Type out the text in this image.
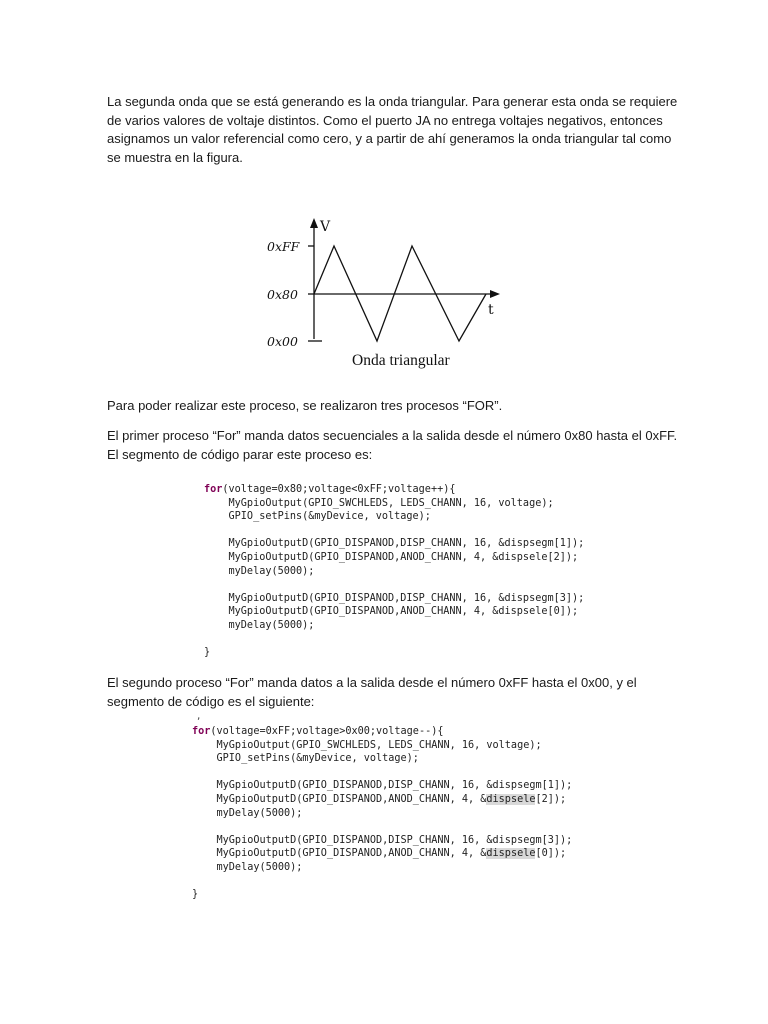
La segunda onda que se está generando es la onda triangular. Para generar esta onda se requiere
de varios valores de voltaje distintos. Como el puerto JA no entrega voltajes negativos, entonces
asignamos un valor referencial como cero, y a partir de ahí generamos la onda triangular tal como
se muestra en la figura.
V
t
0xFF
0x80
0x00
Onda triangular
Para poder realizar este proceso, se realizaron tres procesos “FOR”.
El primer proceso “For” manda datos secuenciales a la salida desde el número 0x80 hasta el 0xFF.
El segmento de código parar este proceso es:
for(voltage=0x80;voltage<0xFF;voltage++){
MyGpioOutput(GPIO_SWCHLEDS, LEDS_CHANN, 16, voltage);
GPIO_setPins(&myDevice, voltage);
MyGpioOutputD(GPIO_DISPANOD,DISP_CHANN, 16, &dispsegm[1]);
MyGpioOutputD(GPIO_DISPANOD,ANOD_CHANN, 4, &dispsele[2]);
myDelay(5000);
MyGpioOutputD(GPIO_DISPANOD,DISP_CHANN, 16, &dispsegm[3]);
MyGpioOutputD(GPIO_DISPANOD,ANOD_CHANN, 4, &dispsele[0]);
myDelay(5000);
}
El segundo proceso “For” manda datos a la salida desde el número 0xFF hasta el 0x00, y el
segmento de código es el siguiente:
,
for(voltage=0xFF;voltage>0x00;voltage--){
MyGpioOutput(GPIO_SWCHLEDS, LEDS_CHANN, 16, voltage);
GPIO_setPins(&myDevice, voltage);
MyGpioOutputD(GPIO_DISPANOD,DISP_CHANN, 16, &dispsegm[1]);
MyGpioOutputD(GPIO_DISPANOD,ANOD_CHANN, 4, &dispsele[2]);
myDelay(5000);
MyGpioOutputD(GPIO_DISPANOD,DISP_CHANN, 16, &dispsegm[3]);
MyGpioOutputD(GPIO_DISPANOD,ANOD_CHANN, 4, &dispsele[0]);
myDelay(5000);
}
